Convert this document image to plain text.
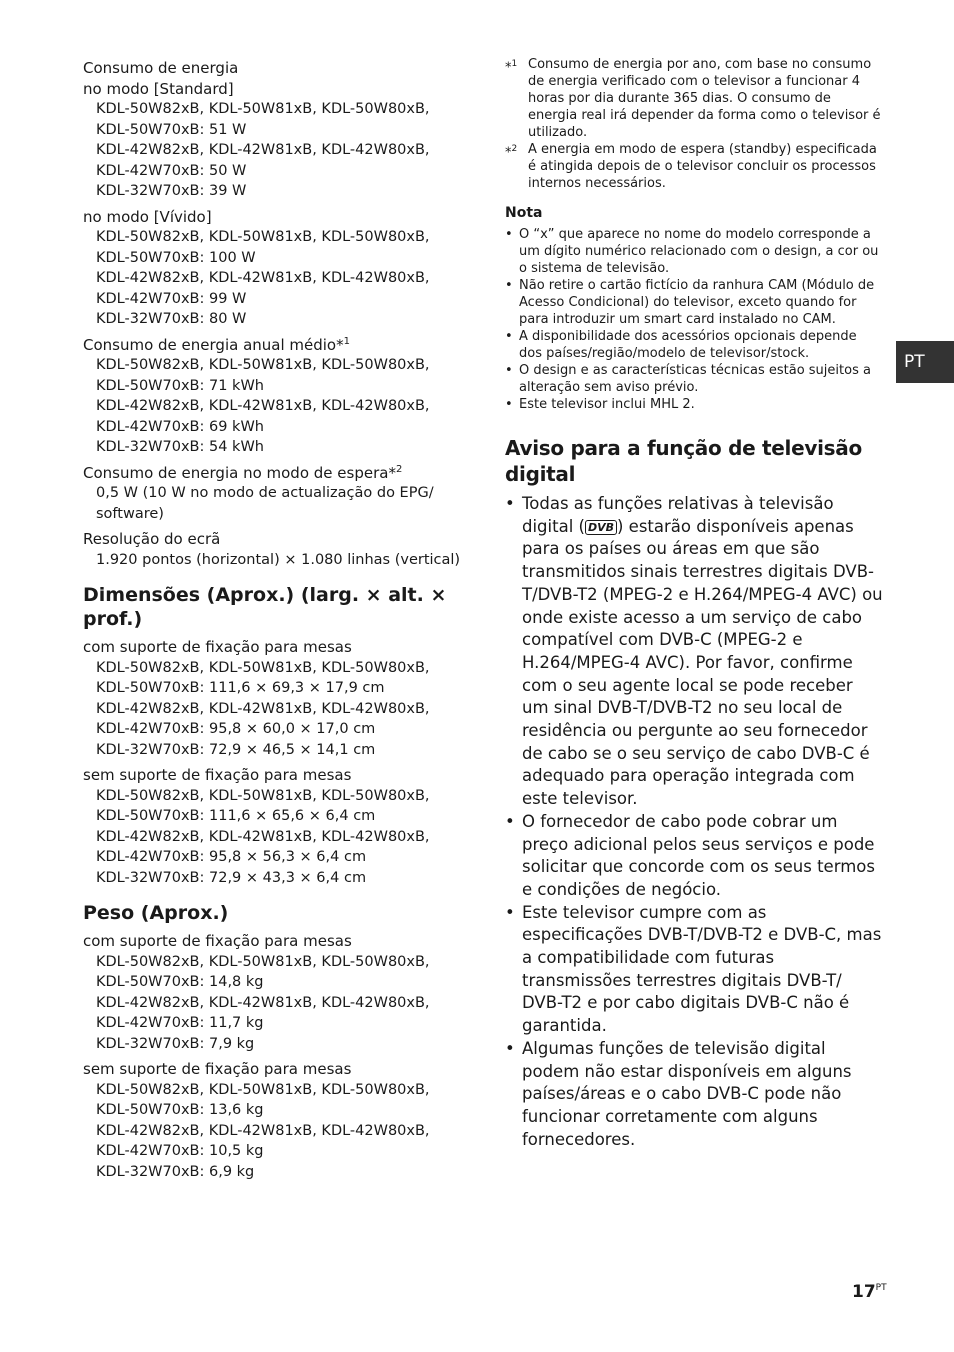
Consumo de energia
no modo [Standard]
KDL-50W82xB, KDL-50W81xB, KDL-50W80xB,
KDL-50W70xB: 51 W
KDL-42W82xB, KDL-42W81xB, KDL-42W80xB,
KDL-42W70xB: 50 W
KDL-32W70xB: 39 W
no modo [Vívido]
KDL-50W82xB, KDL-50W81xB, KDL-50W80xB,
KDL-50W70xB: 100 W
KDL-42W82xB, KDL-42W81xB, KDL-42W80xB,
KDL-42W70xB: 99 W
KDL-32W70xB: 80 W
Consumo de energia anual médio*$^1$
KDL-50W82xB, KDL-50W81xB, KDL-50W80xB,
KDL-50W70xB: 71 kWh
KDL-42W82xB, KDL-42W81xB, KDL-42W80xB,
KDL-42W70xB: 69 kWh
KDL-32W70xB: 54 kWh
Consumo de energia no modo de espera*$^2$
0,5 W (10 W no modo de actualização do EPG/
software)
Resolução do ecrã
1.920 pontos (horizontal) × 1.080 linhas (vertical)
Dimensões (Aprox.) (larg. × alt. × prof.)
com suporte de fixação para mesas
KDL-50W82xB, KDL-50W81xB, KDL-50W80xB,
KDL-50W70xB: 111,6 × 69,3 × 17,9 cm
KDL-42W82xB, KDL-42W81xB, KDL-42W80xB,
KDL-42W70xB: 95,8 × 60,0 × 17,0 cm
KDL-32W70xB: 72,9 × 46,5 × 14,1 cm
sem suporte de fixação para mesas
KDL-50W82xB, KDL-50W81xB, KDL-50W80xB,
KDL-50W70xB: 111,6 × 65,6 × 6,4 cm
KDL-42W82xB, KDL-42W81xB, KDL-42W80xB,
KDL-42W70xB: 95,8 × 56,3 × 6,4 cm
KDL-32W70xB: 72,9 × 43,3 × 6,4 cm
Peso (Aprox.)
com suporte de fixação para mesas
KDL-50W82xB, KDL-50W81xB, KDL-50W80xB,
KDL-50W70xB: 14,8 kg
KDL-42W82xB, KDL-42W81xB, KDL-42W80xB,
KDL-42W70xB: 11,7 kg
KDL-32W70xB: 7,9 kg
sem suporte de fixação para mesas
KDL-50W82xB, KDL-50W81xB, KDL-50W80xB,
KDL-50W70xB: 13,6 kg
KDL-42W82xB, KDL-42W81xB, KDL-42W80xB,
KDL-42W70xB: 10,5 kg
KDL-32W70xB: 6,9 kg
*$^1$ Consumo de energia por ano, com base no consumo de energia verificado com o televisor a funcionar 4 horas por dia durante 365 dias. O consumo de energia real irá depender da forma como o televisor é utilizado.
*$^2$ A energia em modo de espera (standby) especificada é atingida depois de o televisor concluir os processos internos necessários.
Nota
• O “x” que aparece no nome do modelo corresponde a um dígito numérico relacionado com o design, a cor ou o sistema de televisão.
• Não retire o cartão fictício da ranhura CAM (Módulo de Acesso Condicional) do televisor, exceto quando for para introduzir um smart card instalado no CAM.
• A disponibilidade dos acessórios opcionais depende dos países/região/modelo de televisor/stock.
• O design e as características técnicas estão sujeitos a alteração sem aviso prévio.
• Este televisor inclui MHL 2.
Aviso para a função de televisão digital
• Todas as funções relativas à televisão digital ( DVB ) estarão disponíveis apenas para os países ou áreas em que são transmitidos sinais terrestres digitais DVB-T/DVB-T2 (MPEG-2 e H.264/MPEG-4 AVC) ou onde existe acesso a um serviço de cabo compatível com DVB-C (MPEG-2 e H.264/MPEG-4 AVC). Por favor, confirme com o seu agente local se pode receber um sinal DVB-T/DVB-T2 no seu local de residência ou pergunte ao seu fornecedor de cabo se o seu serviço de cabo DVB-C é adequado para operação integrada com este televisor.
• O fornecedor de cabo pode cobrar um preço adicional pelos seus serviços e pode solicitar que concorde com os seus termos e condições de negócio.
• Este televisor cumpre com as especificações DVB-T/DVB-T2 e DVB-C, mas a compatibilidade com futuras transmissões terrestres digitais DVB-T/ DVB-T2 e por cabo digitais DVB-C não é garantida.
• Algumas funções de televisão digital podem não estar disponíveis em alguns países/áreas e o cabo DVB-C pode não funcionar corretamente com alguns fornecedores.
PT
$17^{PT}$
